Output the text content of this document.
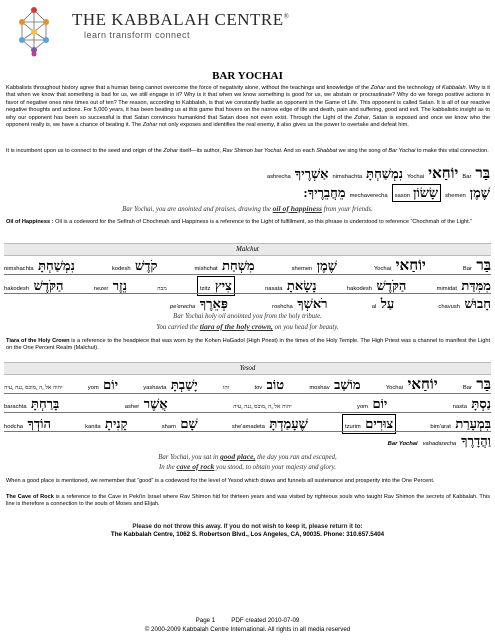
THE KABBALAH CENTRE®
learn transform connect
BAR YOCHAI
Kabbalists throughout history agree that a human being cannot overcome the force of negativity alone, without the teachings and knowledge of the Zohar and the technology of Kabbalah. Why is it that when we know that something is bad for us, we still engage in it? Why is it that when we know something is good for us, we abstain or procrastinate? Why do we forego positive actions in favor of negative ones nine times out of ten? The reason, according to Kabbalah, is that we constantly battle an opponent in the Game of Life. This opponent is called Satan. It is all of our reactive negative thoughts and actions. For 5,000 years, it has been beating us at this game that hovers on the narrow edge of life and death, pain and suffering, good and evil. The kabbalistic insight as to why our opponent has been so successful is that Satan convinces humankind that Satan does not even exist. Through the Light of the Zohar, Satan is exposed and once we know who the opponent really is, we have a chance of beating it. The Zohar not only exposes and identifies the real enemy, it also gives us the power to overtake and defeat him.
It is incumbent upon us to connect to the seed and origin of the Zohar itself—its author, Rav Shimon bar Yochai. And so each Shabbat we sing the song of Bar Yochai to make this vital connection.
ashrecha אַשְׁרֶיךָ nimshachta נִמְשַׁחְתָּ Yochai יוֹחַאי Bar בַּר
מֵחֲבֵרֶיךָ: mechaverecha sason שָׂשׂוֹן shemen שֶׁמֶן
Bar Yochai, you are anointed and praises, drawing the oil of happiness from your friends.
Oil of Happiness : Oil is a codeword for the Sefirah of Chochmah and Happiness is a reference to the Light of fulfillment, so this phrase is understood to reference “Chochmah of the Light.”
Malchut
nimshachta נִמְשַׁחְתָּ	kodesh קֹדֶשׁ	mishchat מִשְׁחַת	shemen שֶׁמֶן	Yochai יוֹחַאי	Bar בַּר
hakodesh הַקֹּדֶשׁ	nezer נֵזֶר	מבה	tzitz צִיץ	nasata נָשָׂאתָ	hakodesh הַקֹּדֶשׁ	mimidat מִמִּדַּת
pe'erecha פְּאֵרֶךָ	roshcha רֹאשְׁךָ	al עַל	chavush חָבוּשׁ
Bar Yochai holy oil anointed you from the holy tribute.
You carried the tiara of the holy crown, on you head for beauty.
Tiara of the Holy Crown is a reference to the headpiece that was worn by the Kohen HaGadol (High Priest) in the times of the Holy Temple. The High Priest was a channel to manifest the Light on the One Percent Realm (Malchut).
Yesod
יהוה אל ,ה ,מובס ,גנה ,עיה	yom יוֹם	yashavta יָשַׁבְתָּ	והו	tov טוֹב	moshav מוֹשַׁב	Yochai יוֹחַאי	Bar בַּר
barachta בָּרַחְתָּ	asher אֲשֶׁר	יהוה אל ,ה ,מובס ,גנה ,עיה	yom יוֹם	nasta נַסְתָּ
hodcha הוֹדְךָ	kanita קָנִיתָ	sham שָׁם	she'amadeta שֶׁעָמַדְתָּ	tzurim צוּרִים	bim'arat בִּמְעָרַת
Bar Yochai vahadarecha וַהֲדָרֶךָ
Bar Yochai, you sat in good place, the day you ran and escaped,
In the cave of rock you stood, to obtain your majesty and glory.
When a good place is mentioned, we remember that “good” is a codeword for the level of Yesod which draws and funnels all sustenance and prosperity into the One Percent.
The Cave of Rock is a reference to the Cave in Peki'in Israel where Rav Shimon hid for thirteen years and was visited by righteous souls who taught Rav Shimon the secrets of Kabbalah. This line is therefore a connection to the souls of Moses and Elijah.
Please do not throw this away. If you do not wish to keep it, please return it to:
The Kabbalah Centre, 1062 S. Robertson Blvd., Los Angeles, CA, 90035. Phone: 310.657.5404
Page 1	PDF created 2010-07-09
© 2000-2009 Kabbalah Centre International. All rights in all media reserved
